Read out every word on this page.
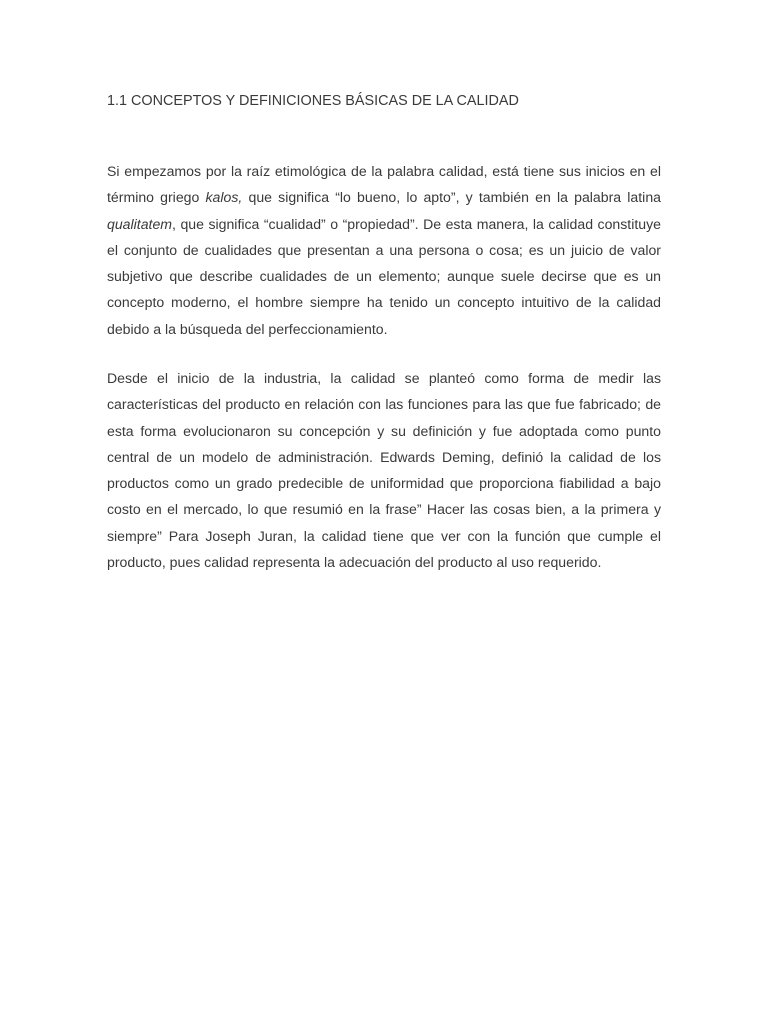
1.1 CONCEPTOS Y DEFINICIONES BÁSICAS DE LA CALIDAD

Si empezamos por la raíz etimológica de la palabra calidad, está tiene sus inicios en el término griego kalos, que significa “lo bueno, lo apto”, y también en la palabra latina qualitatem, que significa “cualidad” o “propiedad”. De esta manera, la calidad constituye el conjunto de cualidades que presentan a una persona o cosa; es un juicio de valor subjetivo que describe cualidades de un elemento; aunque suele decirse que es un concepto moderno, el hombre siempre ha tenido un concepto intuitivo de la calidad debido a la búsqueda del perfeccionamiento.

Desde el inicio de la industria, la calidad se planteó como forma de medir las características del producto en relación con las funciones para las que fue fabricado; de esta forma evolucionaron su concepción y su definición y fue adoptada como punto central de un modelo de administración. Edwards Deming, definió la calidad de los productos como un grado predecible de uniformidad que proporciona fiabilidad a bajo costo en el mercado, lo que resumió en la frase” Hacer las cosas bien, a la primera y siempre” Para Joseph Juran, la calidad tiene que ver con la función que cumple el producto, pues calidad representa la adecuación del producto al uso requerido.
